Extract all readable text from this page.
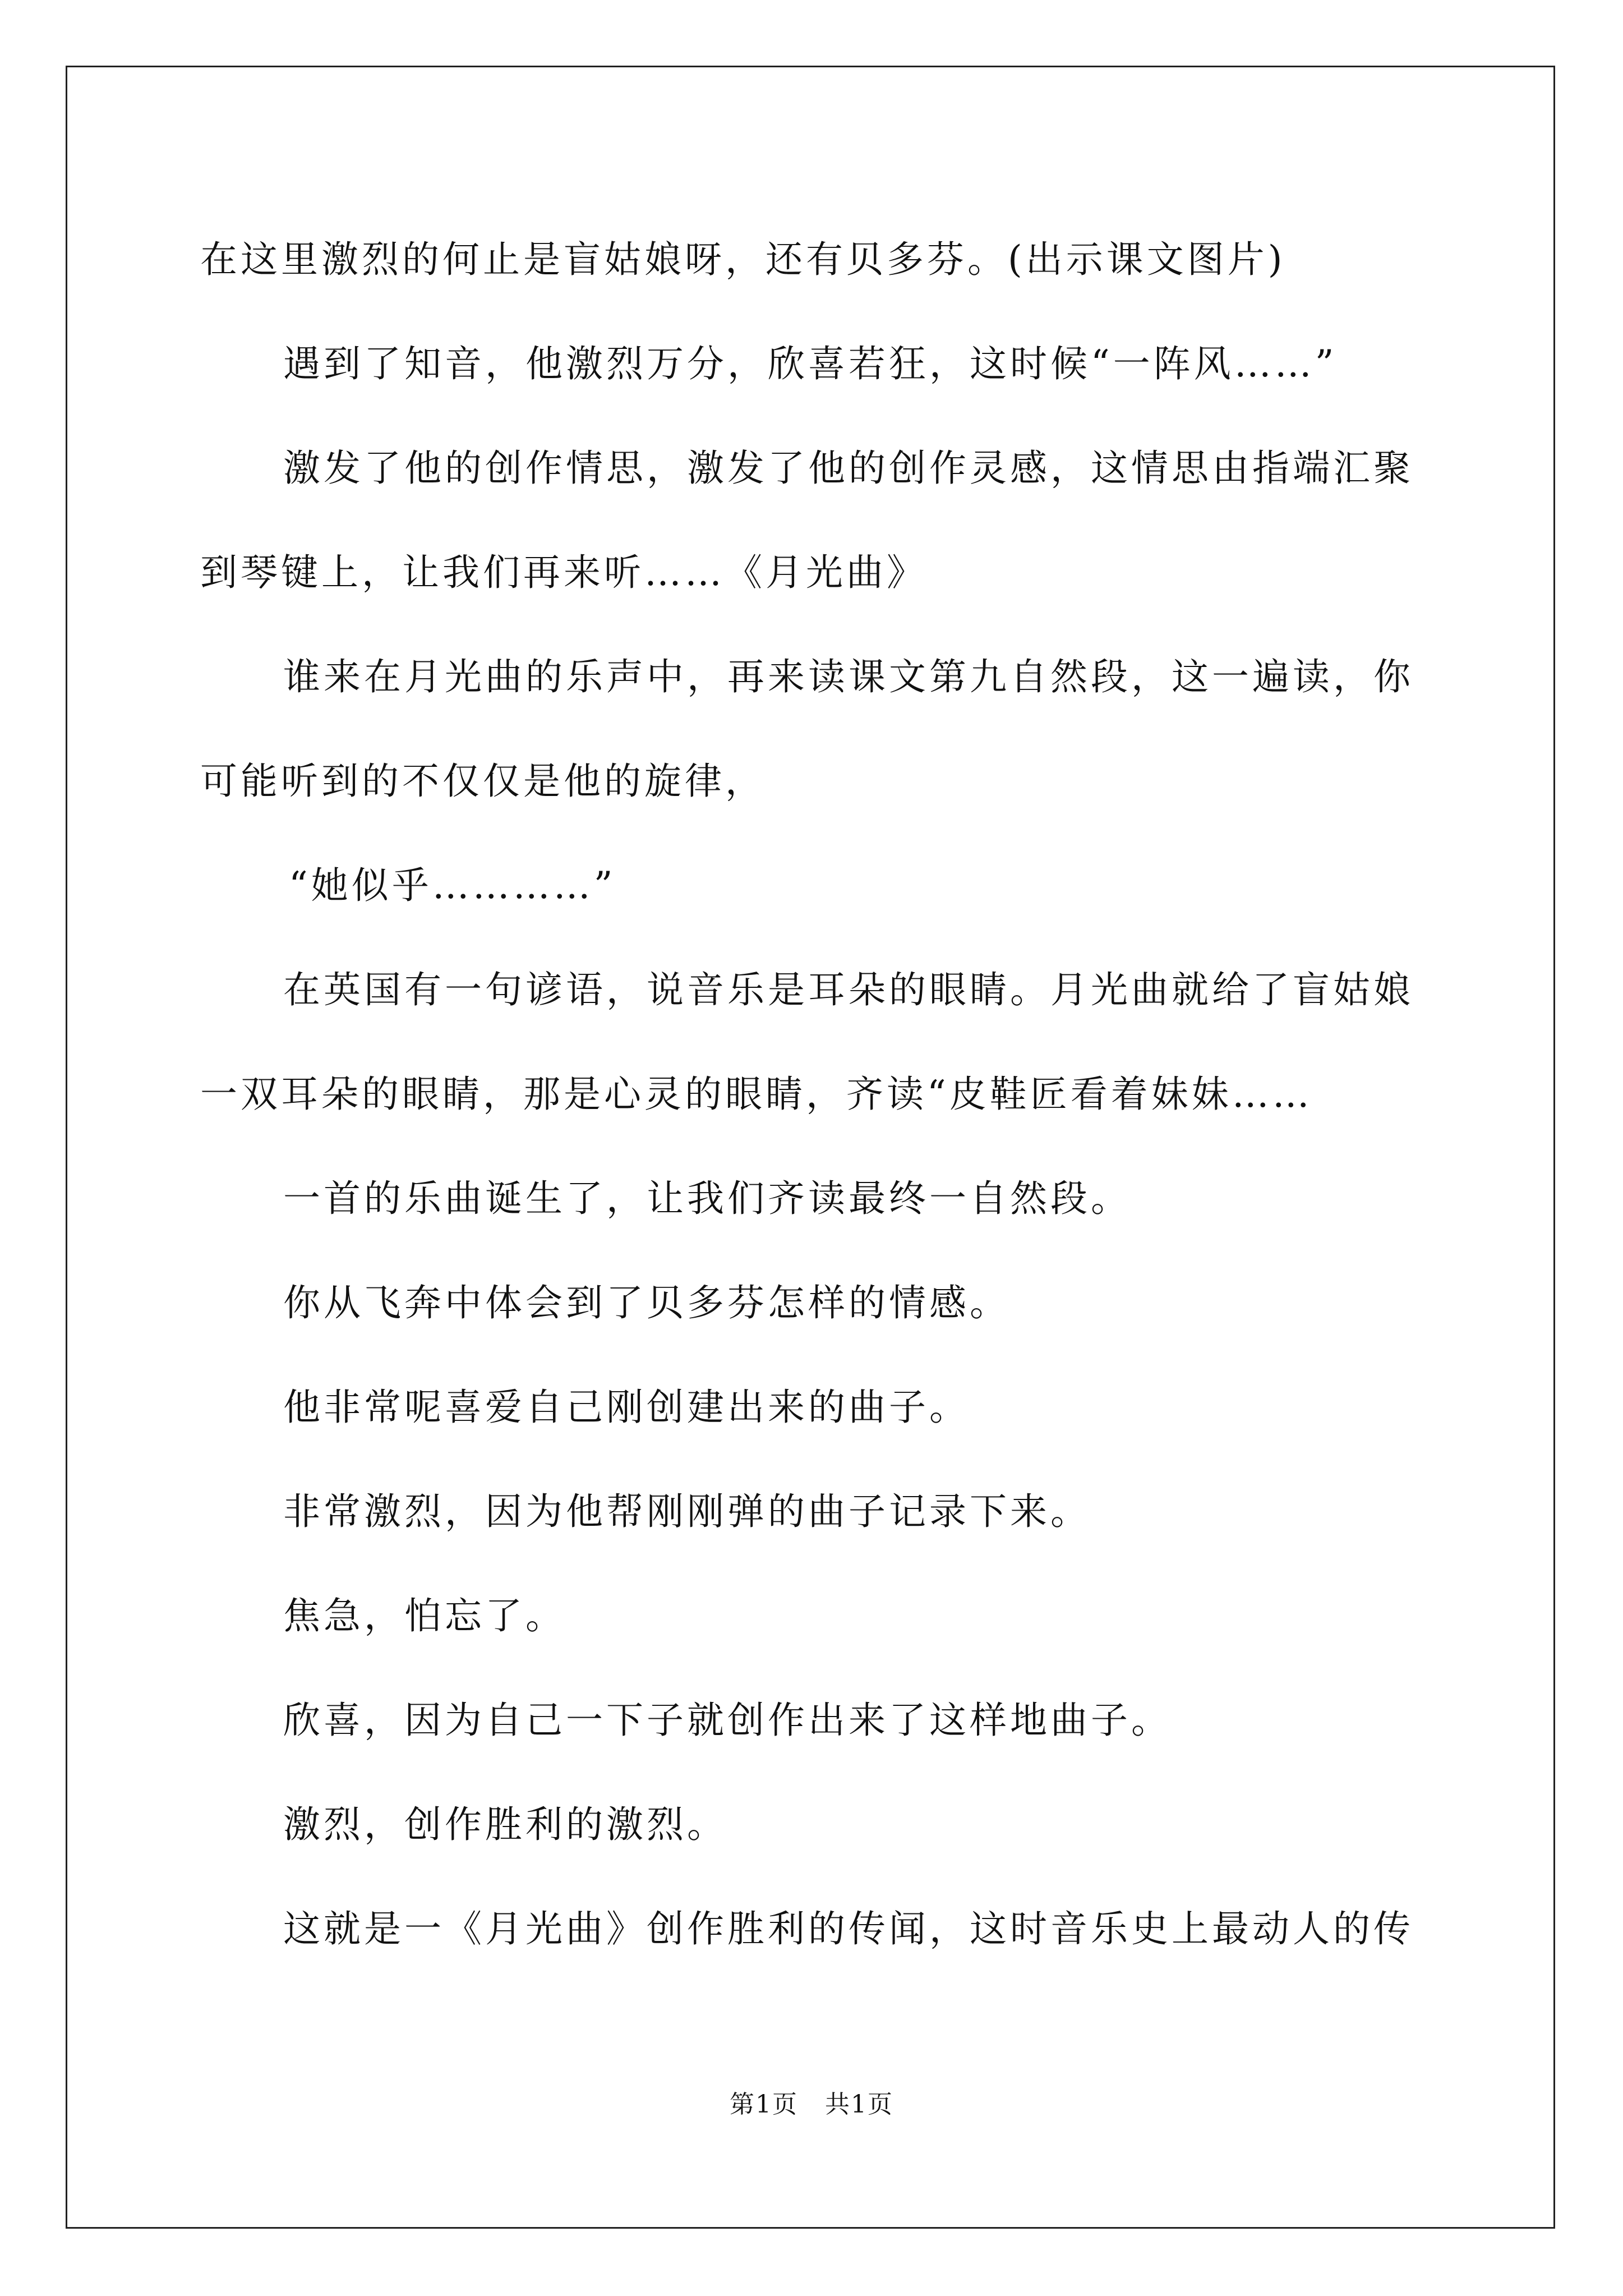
在这里激烈的何止是盲姑娘呀，还有贝多芬。(出示课文图片)

遇到了知音，他激烈万分，欣喜若狂，这时候“一阵风……”

激发了他的创作情思，激发了他的创作灵感，这情思由指端汇聚

到琴键上，让我们再来听……《月光曲》

谁来在月光曲的乐声中，再来读课文第九自然段，这一遍读，你

可能听到的不仅仅是他的旋律，

“她似乎…………”

在英国有一句谚语，说音乐是耳朵的眼睛。月光曲就给了盲姑娘

一双耳朵的眼睛，那是心灵的眼睛，齐读“皮鞋匠看着妹妹……

一首的乐曲诞生了，让我们齐读最终一自然段。

你从飞奔中体会到了贝多芬怎样的情感。

他非常呢喜爱自己刚创建出来的曲子。

非常激烈，因为他帮刚刚弹的曲子记录下来。

焦急，怕忘了。

欣喜，因为自己一下子就创作出来了这样地曲子。

激烈，创作胜利的激烈。

这就是一《月光曲》创作胜利的传闻，这时音乐史上最动人的传

第1页 共1页
